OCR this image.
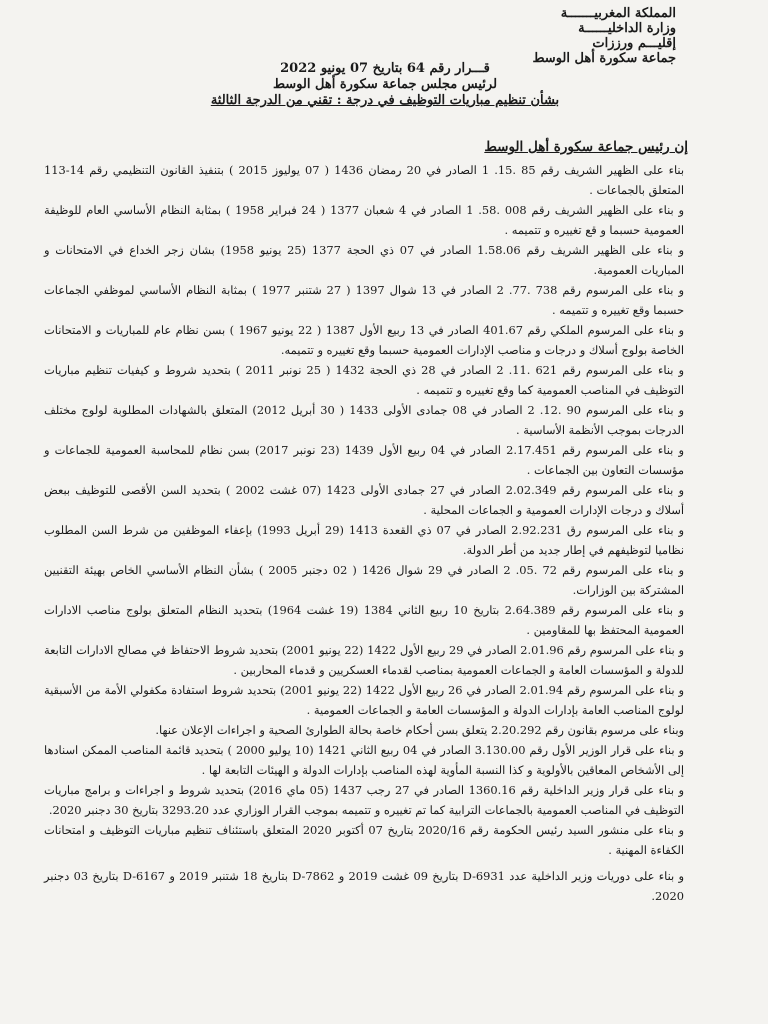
المملكة المغربيـــــــة
وزارة الداخليــــــة
إقليـــم ورززات
جماعة سكورة أهل الوسط
قـــرار رقم 64 بتاريخ 07 يونيو 2022
لرئيس مجلس جماعة سكورة أهل الوسط
بشأن تنظيم مباريات التوظيف في درجة : تقني من الدرجة الثالثة
إن رئيس جماعة سكورة أهل الوسط

بناء على الظهير الشريف رقم 85 .15. 1 الصادر في 20 رمضان 1436 ( 07 يوليوز 2015 ) بتنفيذ القانون التنظيمي رقم 14-113 المتعلق بالجماعات .

و بناء على الظهير الشريف رقم 008 .58. 1 الصادر في 4 شعبان 1377 ( 24 فبراير 1958 ) بمثابة النظام الأساسي العام للوظيفة العمومية حسبما و قع تغييره و تتميمه .

و بناء على الظهير الشريف رقم 1.58.06 الصادر في 07 ذي الحجة 1377 (25 يونيو 1958) بشان زجر الخداع في الامتحانات و المباريات العمومية.

و بناء على المرسوم رقم 738 .77. 2 الصادر في 13 شوال 1397 ( 27 شتنبر 1977 ) بمثابة النظام الأساسي لموظفي الجماعات حسبما وقع تغييره و تتميمه .

و بناء على المرسوم الملكي رقم 401.67 الصادر في 13 ربيع الأول 1387 ( 22 يونيو 1967 ) بسن نظام عام للمباريات و الامتحانات الخاصة بولوج أسلاك و درجات و مناصب الإدارات العمومية حسبما وقع تغييره و تتميمه.

و بناء على المرسوم رقم 621 .11. 2 الصادر في 28 ذي الحجة 1432 ( 25 نونبر 2011 ) بتحديد شروط و كيفيات تنظيم مباريات التوظيف في المناصب العمومية كما وقع تغييره و تتميمه .

و بناء على المرسوم 90 .12. 2 الصادر في 08 جمادى الأولى 1433 ( 30 أبريل 2012) المتعلق بالشهادات المطلوبة لولوج مختلف الدرجات بموجب الأنظمة الأساسية .

و بناء على المرسوم رقم 2.17.451 الصادر في 04 ربيع الأول 1439 (23 نونبر 2017) بسن نظام للمحاسبة العمومية للجماعات و مؤسسات التعاون بين الجماعات .

و بناء على المرسوم رقم 2.02.349 الصادر في 27 جمادى الأولى 1423 (07 غشت 2002 ) بتحديد السن الأقصى للتوظيف ببعض أسلاك و درجات الإدارات العمومية و الجماعات المحلية .

و بناء على المرسوم رق 2.92.231 الصادر في 07 ذي القعدة 1413 (29 أبريل 1993) بإعفاء الموظفين من شرط السن المطلوب نظاميا لتوظيفهم في إطار جديد من أطر الدولة.

و بناء على المرسوم رقم 72 .05. 2 الصادر في 29 شوال 1426 ( 02 دجنبر 2005 ) بشأن النظام الأساسي الخاص بهيئة التقنيين المشتركة بين الوزارات.

و بناء على المرسوم رقم 2.64.389 بتاريخ 10 ربيع الثاني 1384 (19 غشت 1964) بتحديد النظام المتعلق بولوج مناصب الادارات العمومية المحتفظ بها للمقاومين .

و بناء على المرسوم رقم 2.01.96 الصادر في 29 ربيع الأول 1422 (22 يونيو 2001) بتحديد شروط الاحتفاظ في مصالح الادارات التابعة للدولة و المؤسسات العامة و الجماعات العمومية بمناصب لقدماء العسكريين و قدماء المحاربين .

و بناء على المرسوم رقم 2.01.94 الصادر في 26 ربيع الأول 1422 (22 يونيو 2001) بتحديد شروط استفادة مكفولي الأمة من الأسبقية لولوج المناصب العامة بإدارات الدولة و المؤسسات العامة و الجماعات العمومية .

وبناء على مرسوم بقانون رقم 2.20.292 يتعلق بسن أحكام خاصة بحالة الطوارئ الصحية و اجراءات الإعلان عنها.

و بناء على قرار الوزير الأول رقم 3.130.00 الصادر في 04 ربيع الثاني 1421 (10 يوليو 2000 ) بتحديد قائمة المناصب الممكن اسنادها إلى الأشخاص المعاقين بالأولوية و كذا النسبة المأوية لهذه المناصب بإدارات الدولة و الهيئات التابعة لها .

و بناء على قرار وزير الداخلية رقم 1360.16 الصادر في 27 رجب 1437 (05 ماي 2016) بتحديد شروط و اجراءات و برامج مباريات التوظيف في المناصب العمومية بالجماعات الترابية كما تم تغييره و تتميمه بموجب القرار الوزاري عدد 3293.20 بتاريخ 30 دجنبر 2020.

و بناء على منشور السيد رئيس الحكومة رقم 2020/16 بتاريخ 07 أكتوبر 2020 المتعلق باستئناف تنظيم مباريات التوظيف و امتحانات الكفاءة المهنية .

و بناء على دوريات وزير الداخلية عدد D-6931 بتاريخ 09 غشت 2019 و D-7862 بتاريخ 18 شتنبر 2019 و D-6167 بتاريخ 03 دجنبر 2020.
